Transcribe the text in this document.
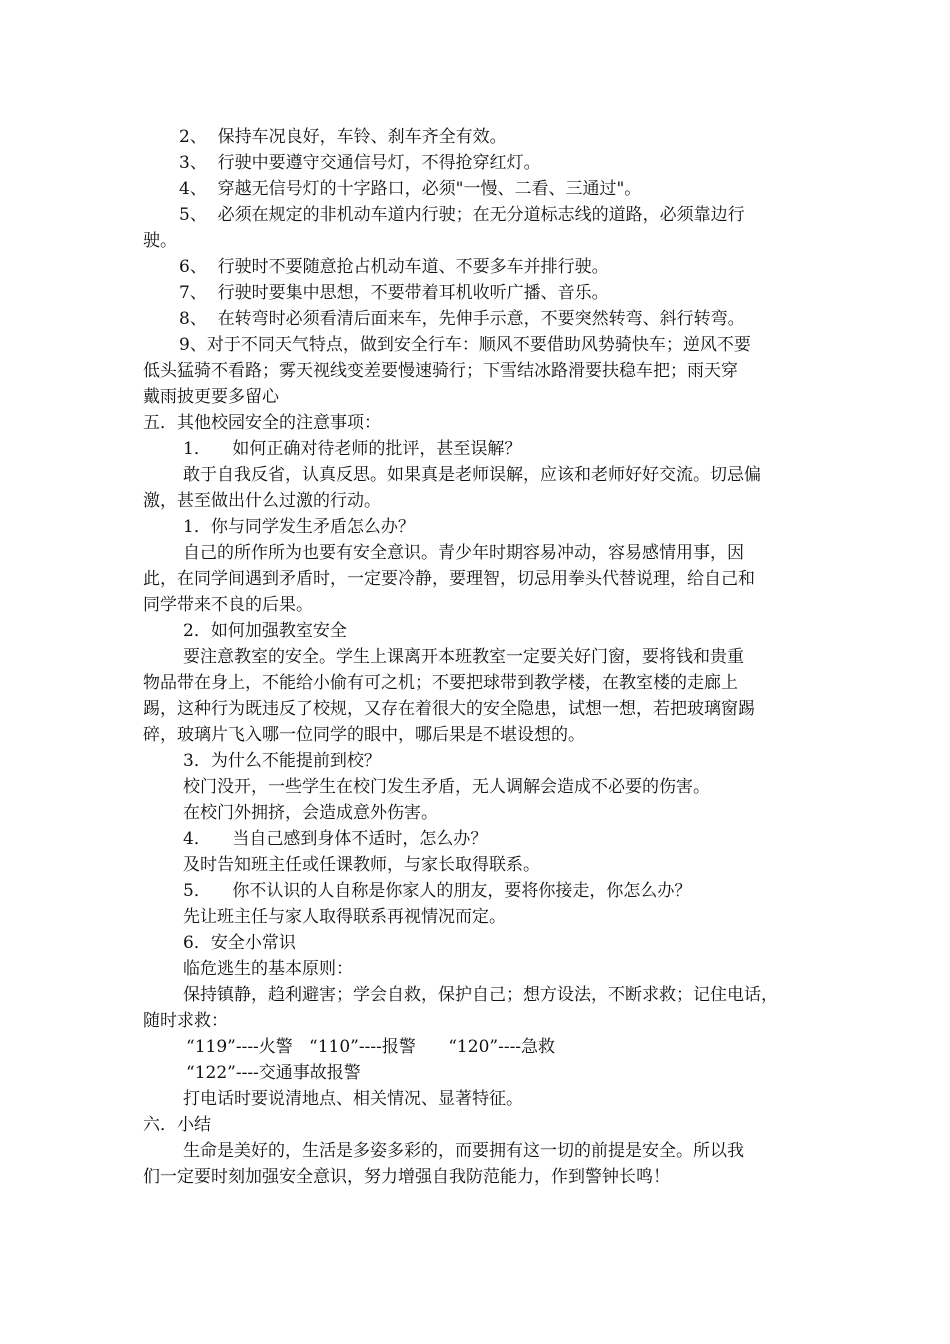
2、  保持车况良好，车铃、刹车齐全有效。
3、  行驶中要遵守交通信号灯，不得抢穿红灯。
4、  穿越无信号灯的十字路口，必须"一慢、二看、三通过"。
5、  必须在规定的非机动车道内行驶；在无分道标志线的道路，必须靠边行
驶。
6、  行驶时不要随意抢占机动车道、不要多车并排行驶。
7、  行驶时要集中思想，不要带着耳机收听广播、音乐。
8、  在转弯时必须看清后面来车，先伸手示意，不要突然转弯、斜行转弯。
9、对于不同天气特点，做到安全行车：顺风不要借助风势骑快车；逆风不要
低头猛骑不看路；雾天视线变差要慢速骑行；下雪结冰路滑要扶稳车把；雨天穿
戴雨披更要多留心
五．其他校园安全的注意事项：
1．    如何正确对待老师的批评，甚至误解？
敢于自我反省，认真反思。如果真是老师误解，应该和老师好好交流。切忌偏
激，甚至做出什么过激的行动。
1．你与同学发生矛盾怎么办？
自己的所作所为也要有安全意识。青少年时期容易冲动，容易感情用事，因
此，在同学间遇到矛盾时，一定要冷静，要理智，切忌用拳头代替说理，给自己和
同学带来不良的后果。
2．如何加强教室安全
要注意教室的安全。学生上课离开本班教室一定要关好门窗，要将钱和贵重
物品带在身上，不能给小偷有可之机；不要把球带到教学楼，在教室楼的走廊上
踢，这种行为既违反了校规，又存在着很大的安全隐患，试想一想，若把玻璃窗踢
碎，玻璃片飞入哪一位同学的眼中，哪后果是不堪设想的。
3．为什么不能提前到校？
校门没开，一些学生在校门发生矛盾，无人调解会造成不必要的伤害。
在校门外拥挤，会造成意外伤害。
4．    当自己感到身体不适时，怎么办？
及时告知班主任或任课教师，与家长取得联系。
5．    你不认识的人自称是你家人的朋友，要将你接走，你怎么办？
先让班主任与家人取得联系再视情况而定。
6．安全小常识
临危逃生的基本原则：
保持镇静，趋利避害；学会自救，保护自己；想方设法，不断求救；记住电话，
随时求救：
“119”----火警   “110”----报警      “120”----急救
“122”----交通事故报警
打电话时要说清地点、相关情况、显著特征。
六．小结
生命是美好的，生活是多姿多彩的，而要拥有这一切的前提是安全。所以我
们一定要时刻加强安全意识，努力增强自我防范能力，作到警钟长鸣！
